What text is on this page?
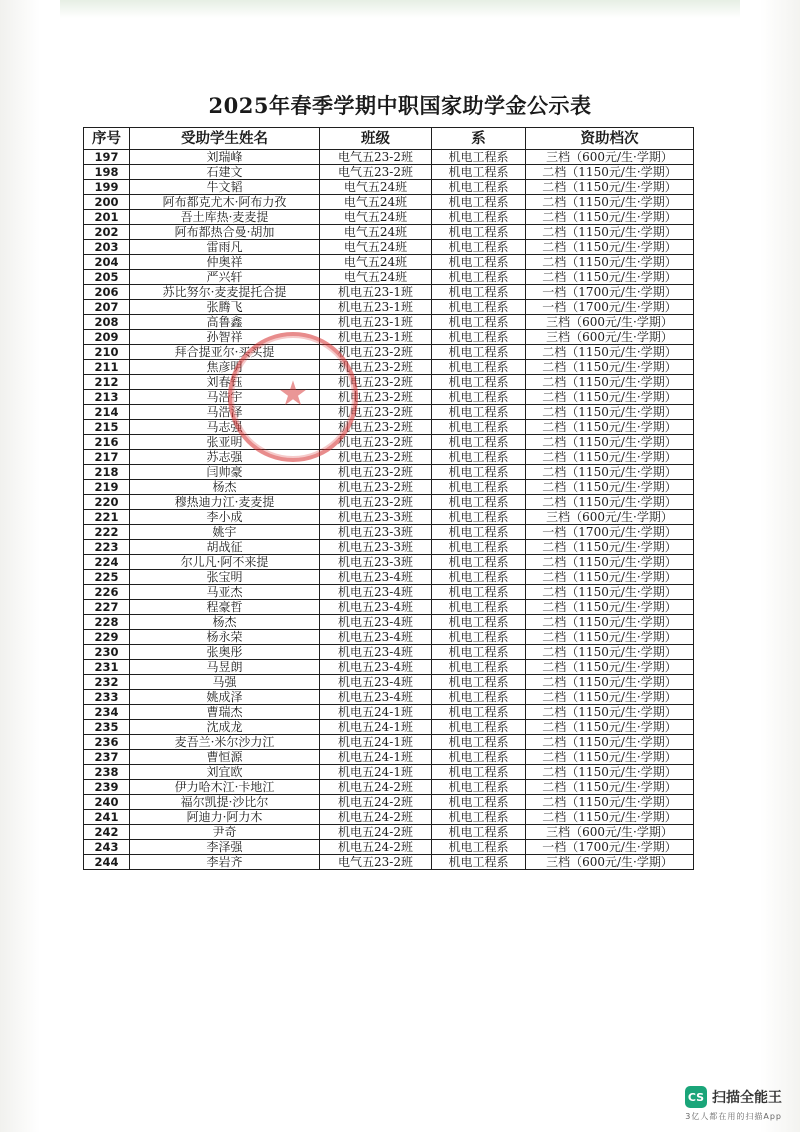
2025年春季学期中职国家助学金公示表
序号	受助学生姓名	班级	系	资助档次
197	刘瑞峰	电气五23-2班	机电工程系	三档（600元/生·学期）
198	石建文	电气五23-2班	机电工程系	二档（1150元/生·学期）
199	牛文韬	电气五24班	机电工程系	二档（1150元/生·学期）
200	阿布都克尤木·阿布力孜	电气五24班	机电工程系	二档（1150元/生·学期）
201	吾土库热·麦麦提	电气五24班	机电工程系	二档（1150元/生·学期）
202	阿布都热合曼·胡加	电气五24班	机电工程系	二档（1150元/生·学期）
203	雷雨凡	电气五24班	机电工程系	二档（1150元/生·学期）
204	仲奥祥	电气五24班	机电工程系	二档（1150元/生·学期）
205	严兴轩	电气五24班	机电工程系	二档（1150元/生·学期）
206	苏比努尔·麦麦提托合提	机电五23-1班	机电工程系	一档（1700元/生·学期）
207	张腾飞	机电五23-1班	机电工程系	一档（1700元/生·学期）
208	高鲁鑫	机电五23-1班	机电工程系	三档（600元/生·学期）
209	孙智祥	机电五23-1班	机电工程系	三档（600元/生·学期）
210	拜合提亚尔·买买提	机电五23-2班	机电工程系	二档（1150元/生·学期）
211	焦彦明	机电五23-2班	机电工程系	二档（1150元/生·学期）
212	刘春钰	机电五23-2班	机电工程系	二档（1150元/生·学期）
213	马浩宇	机电五23-2班	机电工程系	二档（1150元/生·学期）
214	马浩泽	机电五23-2班	机电工程系	二档（1150元/生·学期）
215	马志强	机电五23-2班	机电工程系	二档（1150元/生·学期）
216	张亚明	机电五23-2班	机电工程系	二档（1150元/生·学期）
217	苏志强	机电五23-2班	机电工程系	二档（1150元/生·学期）
218	闫帅豪	机电五23-2班	机电工程系	二档（1150元/生·学期）
219	杨杰	机电五23-2班	机电工程系	二档（1150元/生·学期）
220	穆热迪力江·麦麦提	机电五23-2班	机电工程系	二档（1150元/生·学期）
221	李小成	机电五23-3班	机电工程系	三档（600元/生·学期）
222	姚宇	机电五23-3班	机电工程系	一档（1700元/生·学期）
223	胡战征	机电五23-3班	机电工程系	二档（1150元/生·学期）
224	尔儿凡·阿不来提	机电五23-3班	机电工程系	二档（1150元/生·学期）
225	张宝明	机电五23-4班	机电工程系	二档（1150元/生·学期）
226	马亚杰	机电五23-4班	机电工程系	二档（1150元/生·学期）
227	程豪哲	机电五23-4班	机电工程系	二档（1150元/生·学期）
228	杨杰	机电五23-4班	机电工程系	二档（1150元/生·学期）
229	杨永荣	机电五23-4班	机电工程系	二档（1150元/生·学期）
230	张奥彤	机电五23-4班	机电工程系	二档（1150元/生·学期）
231	马昱朗	机电五23-4班	机电工程系	二档（1150元/生·学期）
232	马强	机电五23-4班	机电工程系	二档（1150元/生·学期）
233	姚成泽	机电五23-4班	机电工程系	二档（1150元/生·学期）
234	曹瑞杰	机电五24-1班	机电工程系	二档（1150元/生·学期）
235	沈成龙	机电五24-1班	机电工程系	二档（1150元/生·学期）
236	麦吾兰·米尔沙力江	机电五24-1班	机电工程系	二档（1150元/生·学期）
237	曹恒源	机电五24-1班	机电工程系	二档（1150元/生·学期）
238	刘宜欧	机电五24-1班	机电工程系	二档（1150元/生·学期）
239	伊力哈木江·卡地江	机电五24-2班	机电工程系	二档（1150元/生·学期）
240	福尔凯提·沙比尔	机电五24-2班	机电工程系	二档（1150元/生·学期）
241	阿迪力·阿力木	机电五24-2班	机电工程系	二档（1150元/生·学期）
242	尹奇	机电五24-2班	机电工程系	三档（600元/生·学期）
243	李泽强	机电五24-2班	机电工程系	一档（1700元/生·学期）
244	李岩齐	电气五23-2班	机电工程系	三档（600元/生·学期）
★
CS 扫描全能王
3亿人都在用的扫描App
